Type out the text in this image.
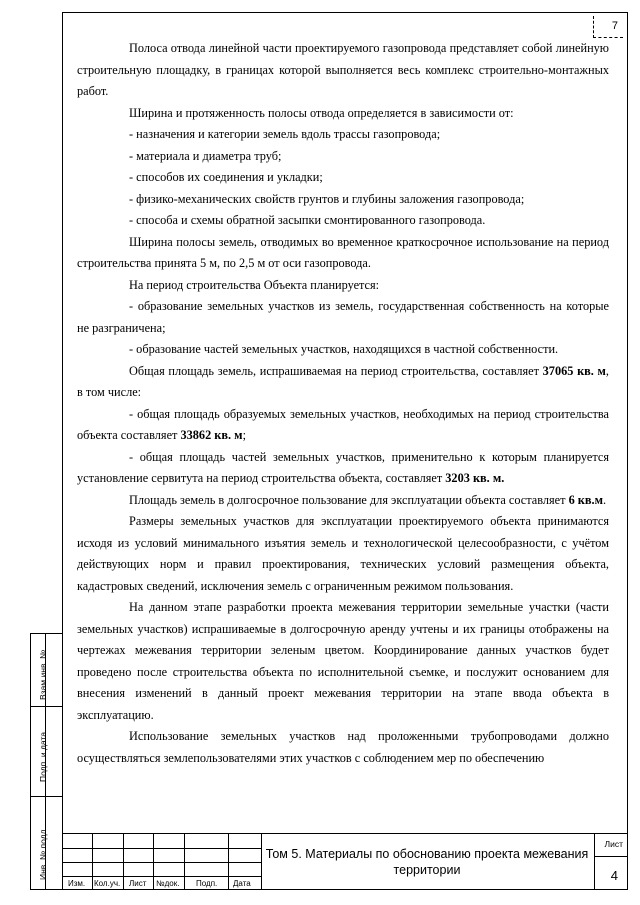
7
Взам.инв. №
Подп. и дата
Инв. № подл.

Полоса отвода линейной части проектируемого газопровода представляет собой линейную строительную площадку, в границах которой выполняется весь комплекс строительно-монтажных работ.

Ширина и протяженность полосы отвода определяется в зависимости от:

- назначения и категории земель вдоль трассы газопровода;

- материала и диаметра труб;

- способов их соединения и укладки;

- физико-механических свойств грунтов и глубины заложения газопровода;

- способа и схемы обратной засыпки смонтированного газопровода.

Ширина полосы земель, отводимых во временное краткосрочное использование на период строительства принята 5 м, по 2,5 м от оси газопровода.

На период строительства Объекта планируется:

- образование земельных участков из земель, государственная собственность на которые не разграничена;

- образование частей земельных участков, находящихся в частной собственности.

Общая площадь земель, испрашиваемая на период строительства, составляет 37065 кв. м, в том числе:

- общая площадь образуемых земельных участков, необходимых на период строительства объекта составляет 33862 кв. м;

- общая площадь частей земельных участков, применительно к которым планируется установление сервитута на период строительства объекта, составляет 3203 кв. м.

Площадь земель в долгосрочное пользование для эксплуатации объекта составляет 6 кв.м.

Размеры земельных участков для эксплуатации проектируемого объекта принимаются исходя из условий минимального изъятия земель и технологической целесообразности, с учётом действующих норм и правил проектирования, технических условий размещения объекта, кадастровых сведений, исключения земель с ограниченным режимом пользования.

На данном этапе разработки проекта межевания территории земельные участки (части земельных участков) испрашиваемые в долгосрочную аренду учтены и их границы отображены на чертежах межевания территории зеленым цветом. Координирование данных участков будет проведено после строительства объекта по исполнительной съемке, и послужит основанием для внесения изменений в данный проект межевания территории на этапе ввода объекта в эксплуатацию.

Использование земельных участков над проложенными трубопроводами должно осуществляться землепользователями этих участков с соблюдением мер по обеспечению

Изм. Кол.уч. Лист №док. Подп. Дата
Том 5. Материалы по обоснованию проекта межевания территории
Лист
4
